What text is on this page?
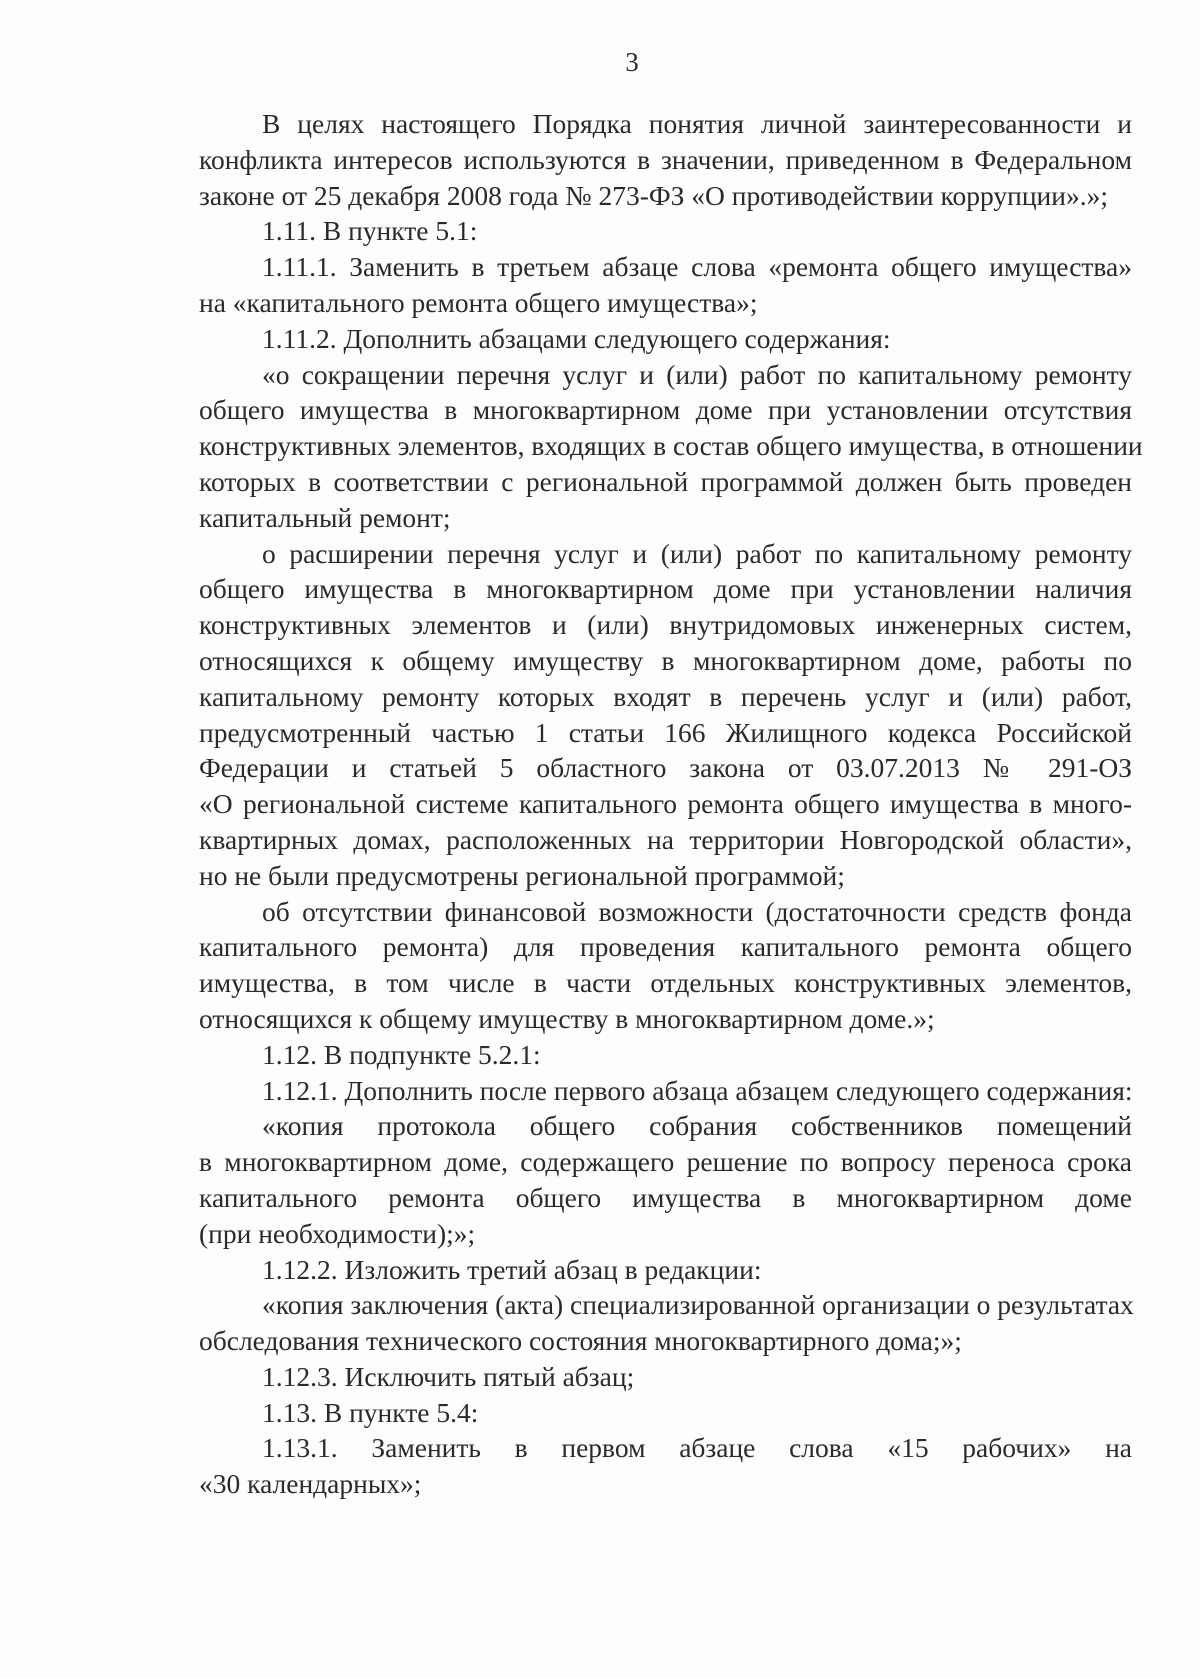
3
В целях настоящего Порядка понятия личной заинтересованности и
конфликта интересов используются в значении, приведенном в Федеральном
законе от 25 декабря 2008 года № 273-ФЗ «О противодействии коррупции».»;
1.11. В пункте 5.1:
1.11.1. Заменить в третьем абзаце слова «ремонта общего имущества»
на «капитального ремонта общего имущества»;
1.11.2. Дополнить абзацами следующего содержания:
«о сокращении перечня услуг и (или) работ по капитальному ремонту
общего имущества в многоквартирном доме при установлении отсутствия
конструктивных элементов, входящих в состав общего имущества, в отношении
которых в соответствии с региональной программой должен быть проведен
капитальный ремонт;
о расширении перечня услуг и (или) работ по капитальному ремонту
общего имущества в многоквартирном доме при установлении наличия
конструктивных элементов и (или) внутридомовых инженерных систем,
относящихся к общему имуществу в многоквартирном доме, работы по
капитальному ремонту которых входят в перечень услуг и (или) работ,
предусмотренный частью 1 статьи 166 Жилищного кодекса Российской
Федерации и статьей 5 областного закона от 03.07.2013 № 291-ОЗ
«О региональной системе капитального ремонта общего имущества в много-
квартирных домах, расположенных на территории Новгородской области»,
но не были предусмотрены региональной программой;
об отсутствии финансовой возможности (достаточности средств фонда
капитального ремонта) для проведения капитального ремонта общего
имущества, в том числе в части отдельных конструктивных элементов,
относящихся к общему имуществу в многоквартирном доме.»;
1.12. В подпункте 5.2.1:
1.12.1. Дополнить после первого абзаца абзацем следующего содержания:
«копия протокола общего собрания собственников помещений
в многоквартирном доме, содержащего решение по вопросу переноса срока
капитального ремонта общего имущества в многоквартирном доме
(при необходимости);»;
1.12.2. Изложить третий абзац в редакции:
«копия заключения (акта) специализированной организации о результатах
обследования технического состояния многоквартирного дома;»;
1.12.3. Исключить пятый абзац;
1.13. В пункте 5.4:
1.13.1. Заменить в первом абзаце слова «15 рабочих» на
«30 календарных»;
